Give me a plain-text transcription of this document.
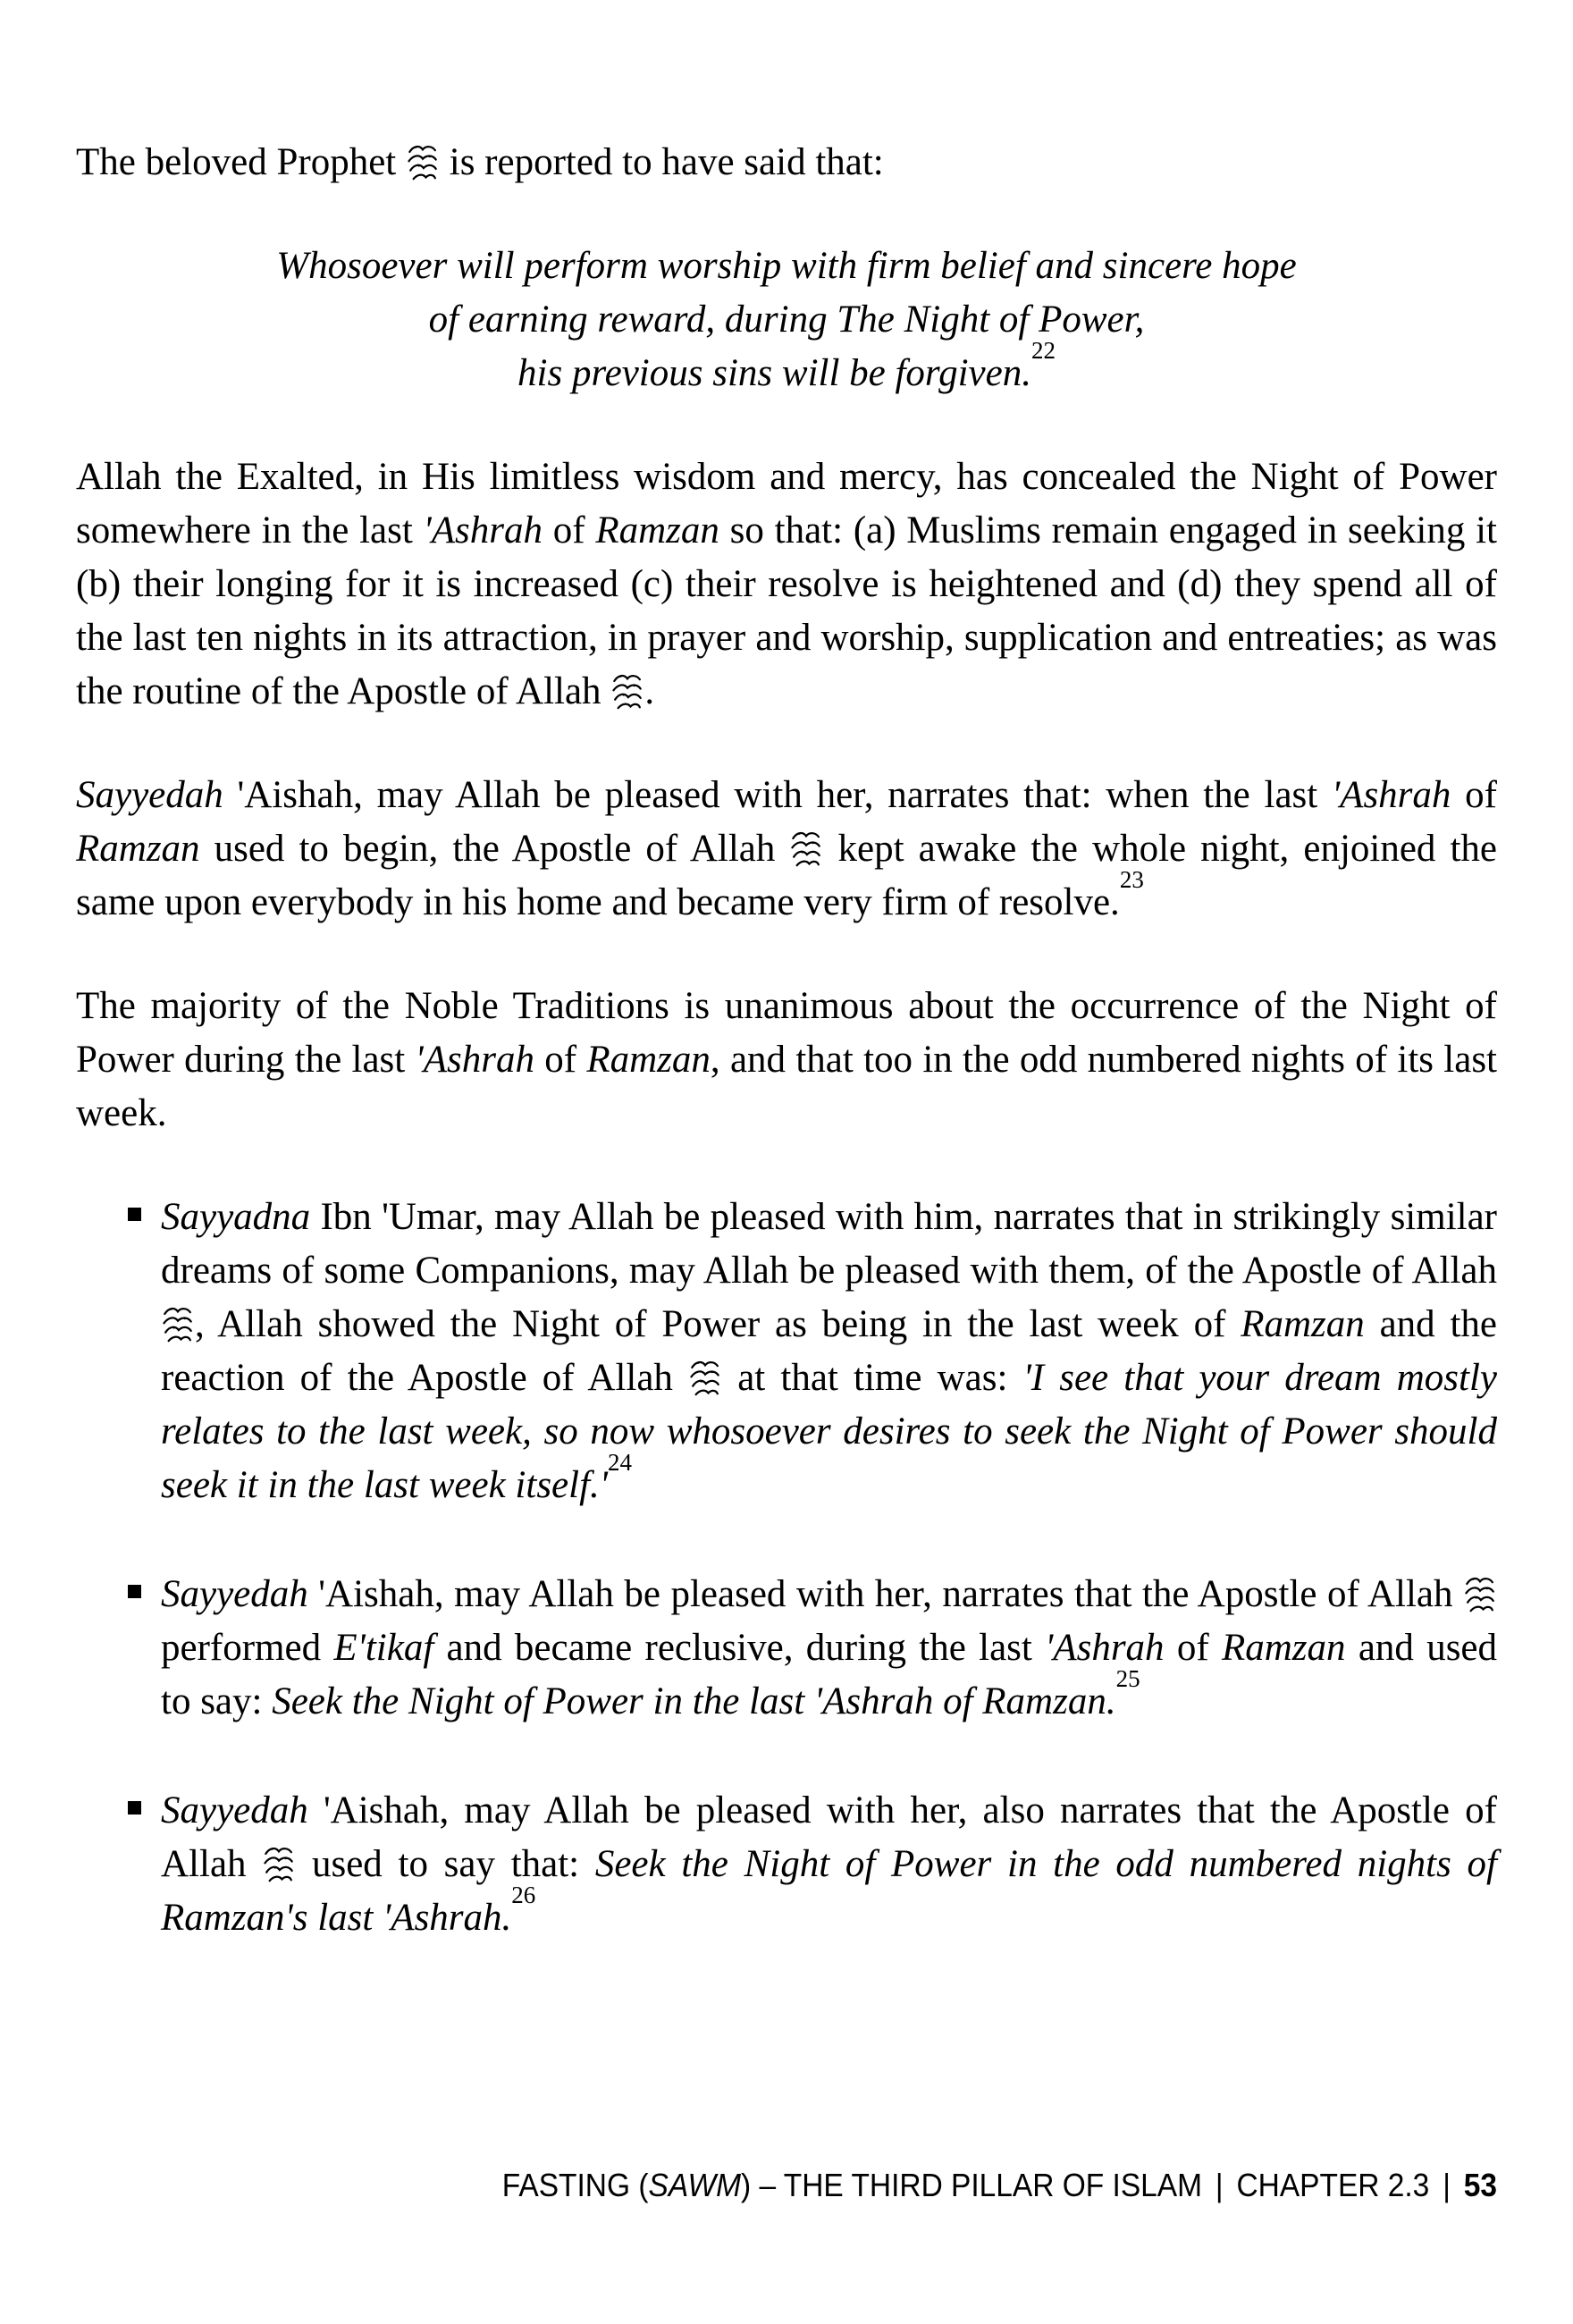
The beloved Prophet
is reported to have said that:
Whosoever will perform worship with firm belief and sincere hope
of earning reward, during The Night of Power,
his previous sins will be forgiven.$^{22}$
Allah the Exalted, in His limitless wisdom and mercy, has concealed the Night of Power somewhere in the last 'Ashrah of Ramzan so that: (a) Muslims remain engaged in seeking it (b) their longing for it is increased (c) their resolve is heightened and (d) they spend all of the last ten nights in its attraction, in prayer and worship, supplication and entreaties; as was the routine of the Apostle of Allah
.
Sayyedah 'Aishah, may Allah be pleased with her, narrates that: when the last 'Ashrah of Ramzan used to begin, the Apostle of Allah
kept awake the whole night, enjoined the same upon everybody in his home and became very firm of resolve.$^{23}$
The majority of the Noble Traditions is unanimous about the occurrence of the Night of Power during the last 'Ashrah of Ramzan, and that too in the odd numbered nights of its last week.
Sayyadna Ibn 'Umar, may Allah be pleased with him, narrates that in strikingly similar dreams of some Companions, may Allah be pleased with them, of the Apostle of Allah
, Allah showed the Night of Power as being in the last week of Ramzan and the reaction of the Apostle of Allah
at that time was: 'I see that your dream mostly relates to the last week, so now whosoever desires to seek the Night of Power should seek it in the last week $itself.'^{24}$
Sayyedah 'Aishah, may Allah be pleased with her, narrates that the Apostle of Allah
performed E'tikaf and became reclusive, during the last 'Ashrah of Ramzan and used to say: Seek the Night of Power in the last 'Ashrah of Ramzan.$^{25}$
Sayyedah 'Aishah, may Allah be pleased with her, also narrates that the Apostle of Allah
used to say that: Seek the Night of Power in the odd numbered nights of Ramzan's last 'Ashrah.$^{26}$
FASTING (SAWM) – THE THIRD PILLAR OF ISLAM | CHAPTER 2.3 | 53
